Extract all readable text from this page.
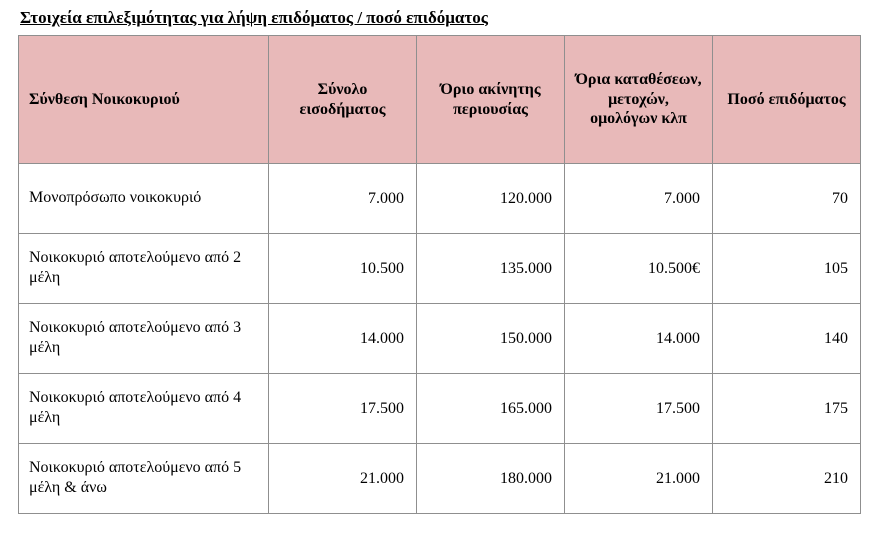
Στοιχεία επιλεξιμότητας για λήψη επιδόματος / ποσό επιδόματος
Σύνθεση Νοικοκυριού	Σύνολο εισοδήματος	Όριο ακίνητης περιουσίας	Όρια καταθέσεων, μετοχών, ομολόγων κλπ	Ποσό επιδόματος
Μονοπρόσωπο νοικοκυριό	7.000	120.000	7.000	70
Νοικοκυριό αποτελούμενο από 2 μέλη	10.500	135.000	10.500€	105
Νοικοκυριό αποτελούμενο από 3 μέλη	14.000	150.000	14.000	140
Νοικοκυριό αποτελούμενο από 4 μέλη	17.500	165.000	17.500	175
Νοικοκυριό αποτελούμενο από 5 μέλη & άνω	21.000	180.000	21.000	210
